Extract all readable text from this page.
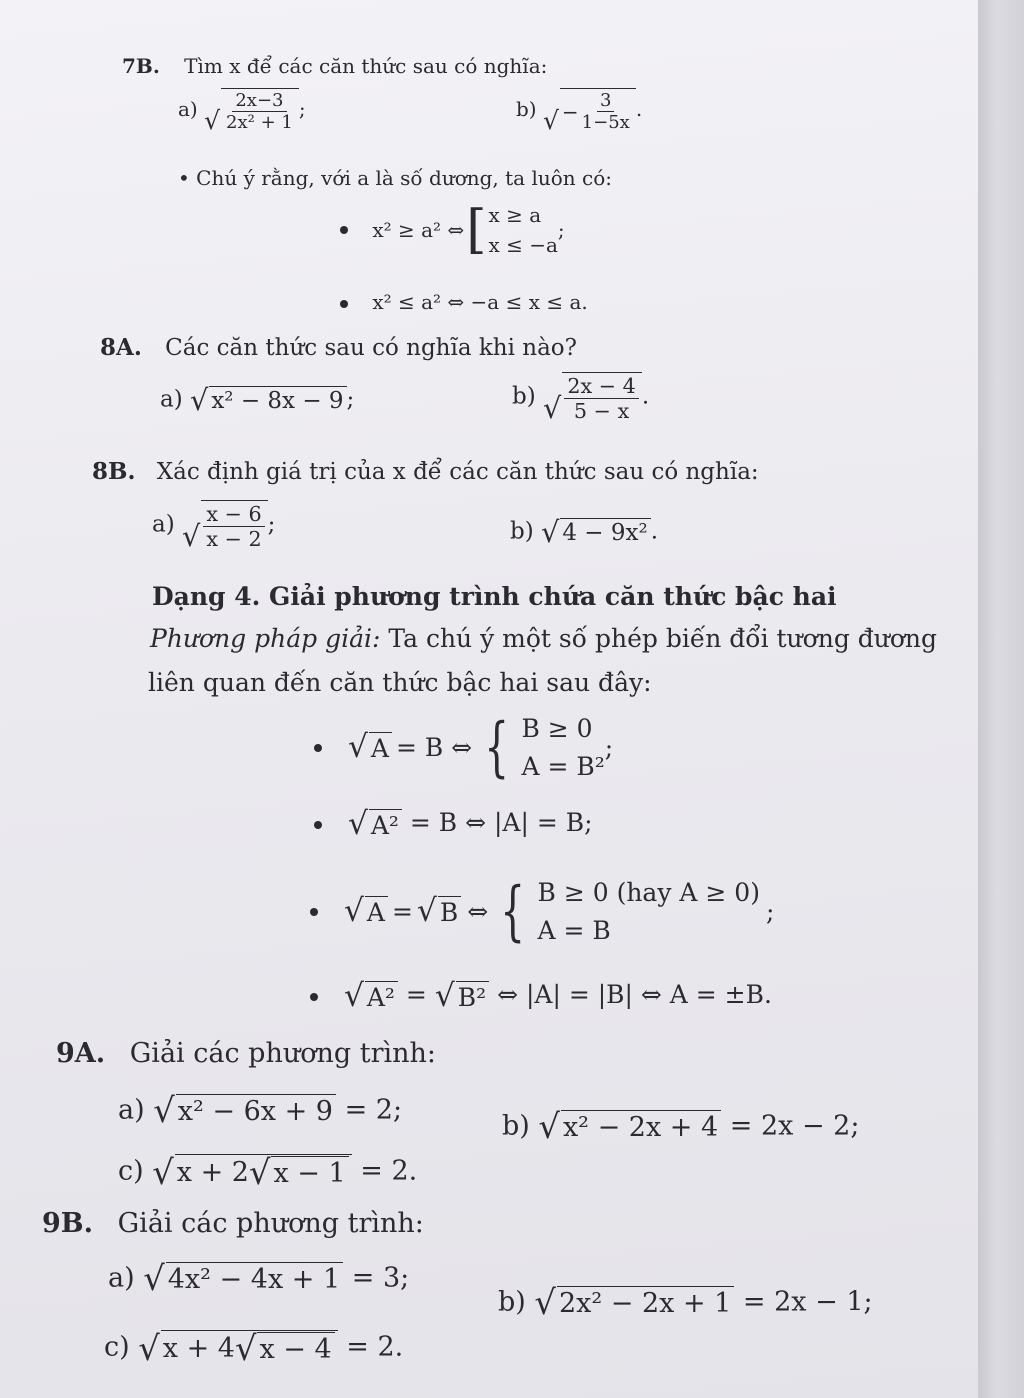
7B. Tìm x để các căn thức sau có nghĩa:
a) √ $\frac{2x-3}{\text{2x² + 1}}$ ;	b) √ − $\frac{3}{1-5x}$ .
• Chú ý rằng, với a là số dương, ta luôn có:

x² ≥ a² ⇔ [ x ≥ a
x ≤ −a
;
x² ≤ a² ⇔ −a ≤ x ≤ a.
8A. Các căn thức sau có nghĩa khi nào?
a) √ x² − 8x − 9 ;	b) √ $\frac{2x - 4}{5 - x}$ .
8B. Xác định giá trị của x để các căn thức sau có nghĩa:
a) √ $\frac{x - 6}{x - 2}$ ;	b) √ 4 − 9x² .
Dạng 4. Giải phương trình chứa căn thức bậc hai
Phương pháp giải: Ta chú ý một số phép biến đổi tương đương
liên quan đến căn thức bậc hai sau đây:

√ A = B ⇔ { B ≥ 0
A = B²
;

√ A² = B ⇔ |A| = B;

√ A = √ B ⇔ { B ≥ 0 (hay A ≥ 0)
A = B
;

√ A² = √ B² ⇔ |A| = |B| ⇔ A = ±B.
9A. Giải các phương trình:
a) √ x² − 6x + 9 = 2;
b) √ x² − 2x + 4 = 2x − 2;
c) √ x + 2 √ x − 1 = 2.
9B. Giải các phương trình:
a) √ 4x² − 4x + 1 = 3;
b) √ 2x² − 2x + 1 = 2x − 1;
c) √ x + 4 √ x − 4 = 2.
